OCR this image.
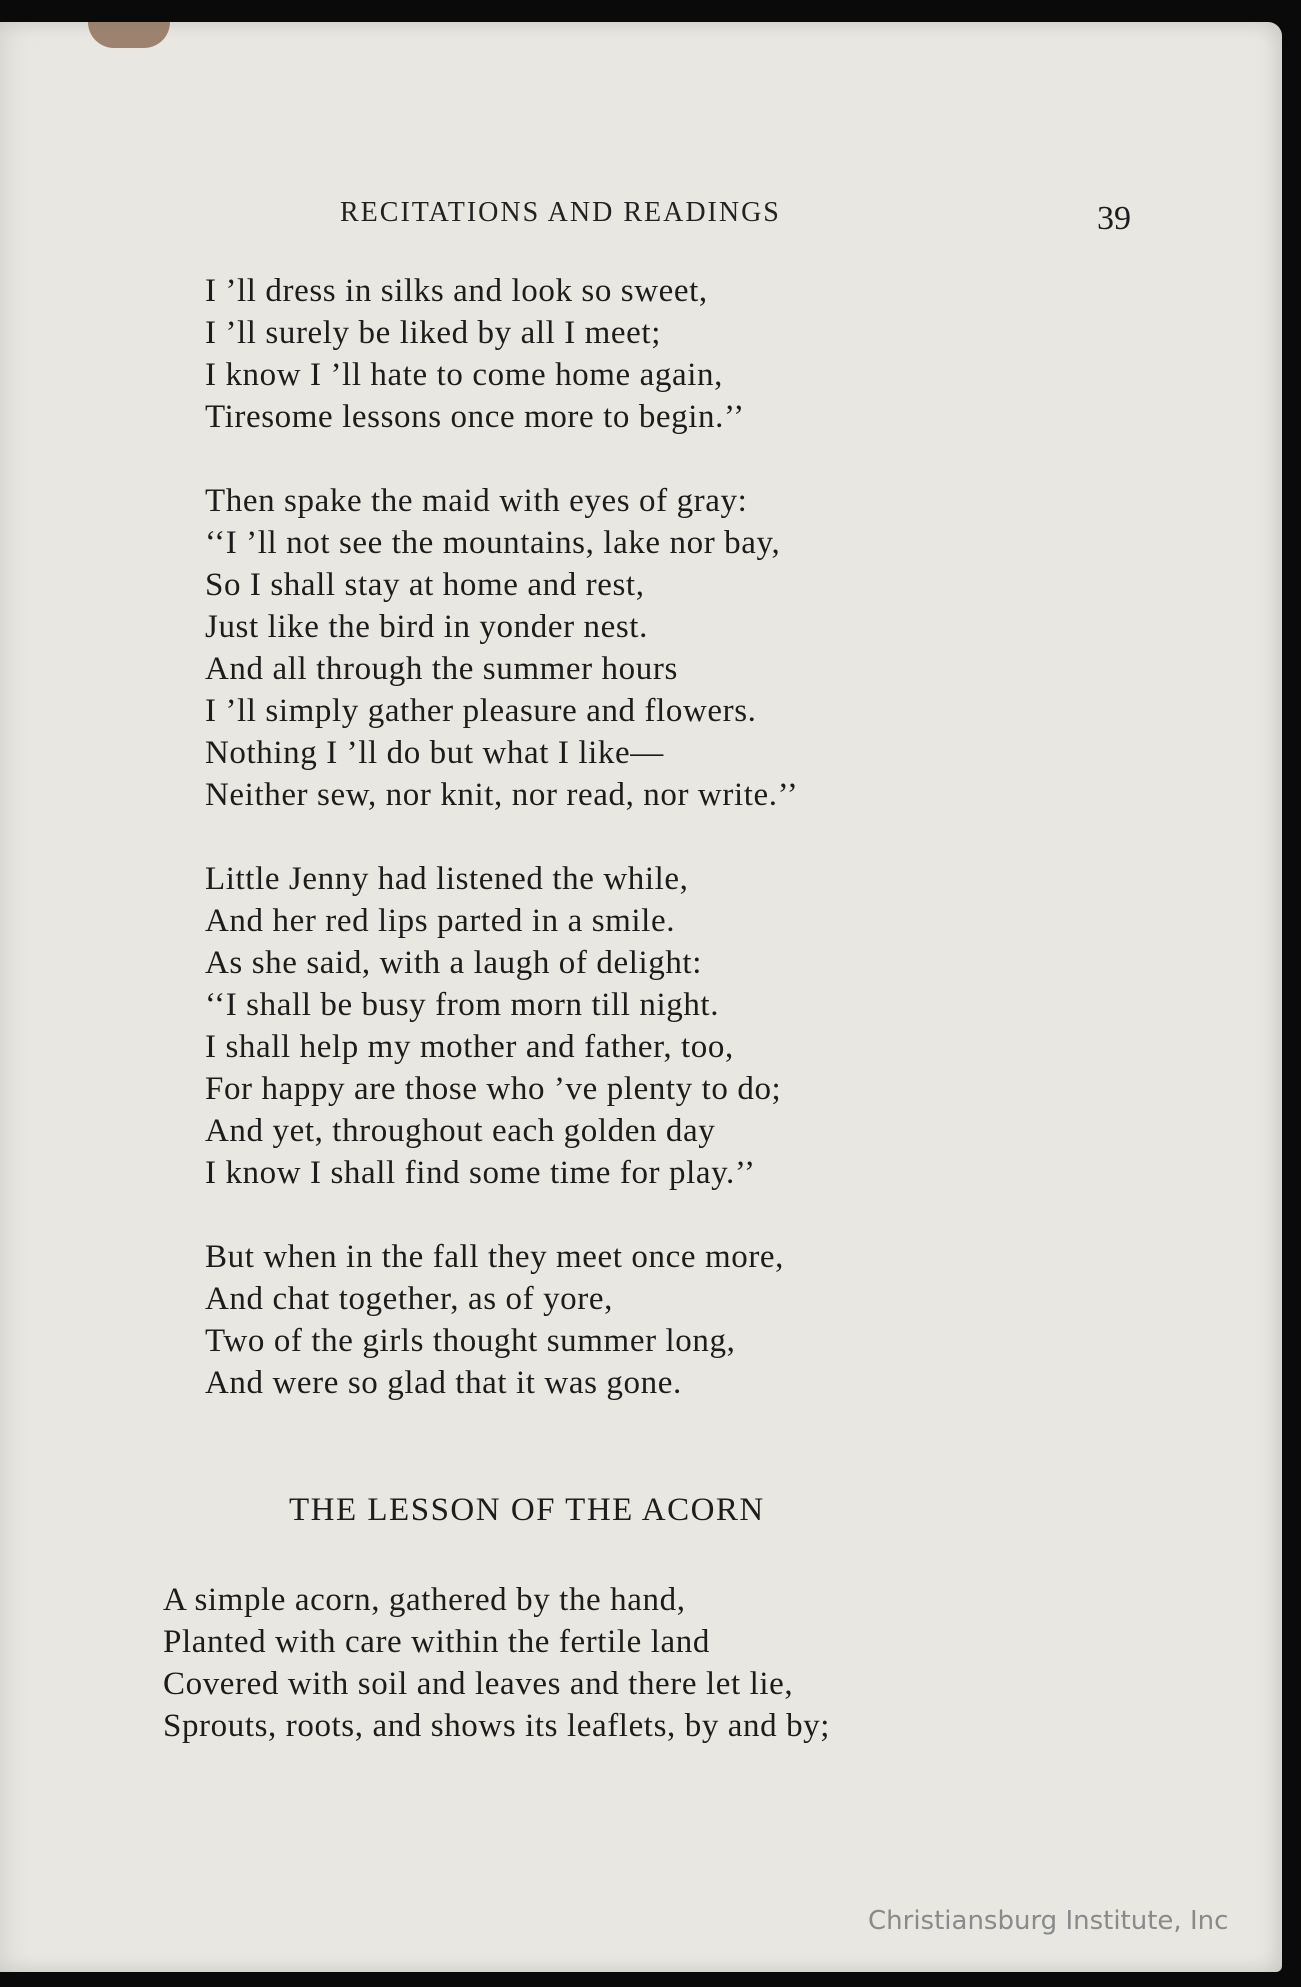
RECITATIONS AND READINGS	39
I ’ll dress in silks and look so sweet,
I ’ll surely be liked by all I meet;
I know I ’ll hate to come home again,
Tiresome lessons once more to begin.’’
Then spake the maid with eyes of gray:
‘‘I ’ll not see the mountains, lake nor bay,
So I shall stay at home and rest,
Just like the bird in yonder nest.
And all through the summer hours
I ’ll simply gather pleasure and flowers.
Nothing I ’ll do but what I like—
Neither sew, nor knit, nor read, nor write.’’
Little Jenny had listened the while,
And her red lips parted in a smile.
As she said, with a laugh of delight:
‘‘I shall be busy from morn till night.
I shall help my mother and father, too,
For happy are those who ’ve plenty to do;
And yet, throughout each golden day
I know I shall find some time for play.’’
But when in the fall they meet once more,
And chat together, as of yore,
Two of the girls thought summer long,
And were so glad that it was gone.
THE LESSON OF THE ACORN
A simple acorn, gathered by the hand,
Planted with care within the fertile land
Covered with soil and leaves and there let lie,
Sprouts, roots, and shows its leaflets, by and by;
Christiansburg Institute, Inc
